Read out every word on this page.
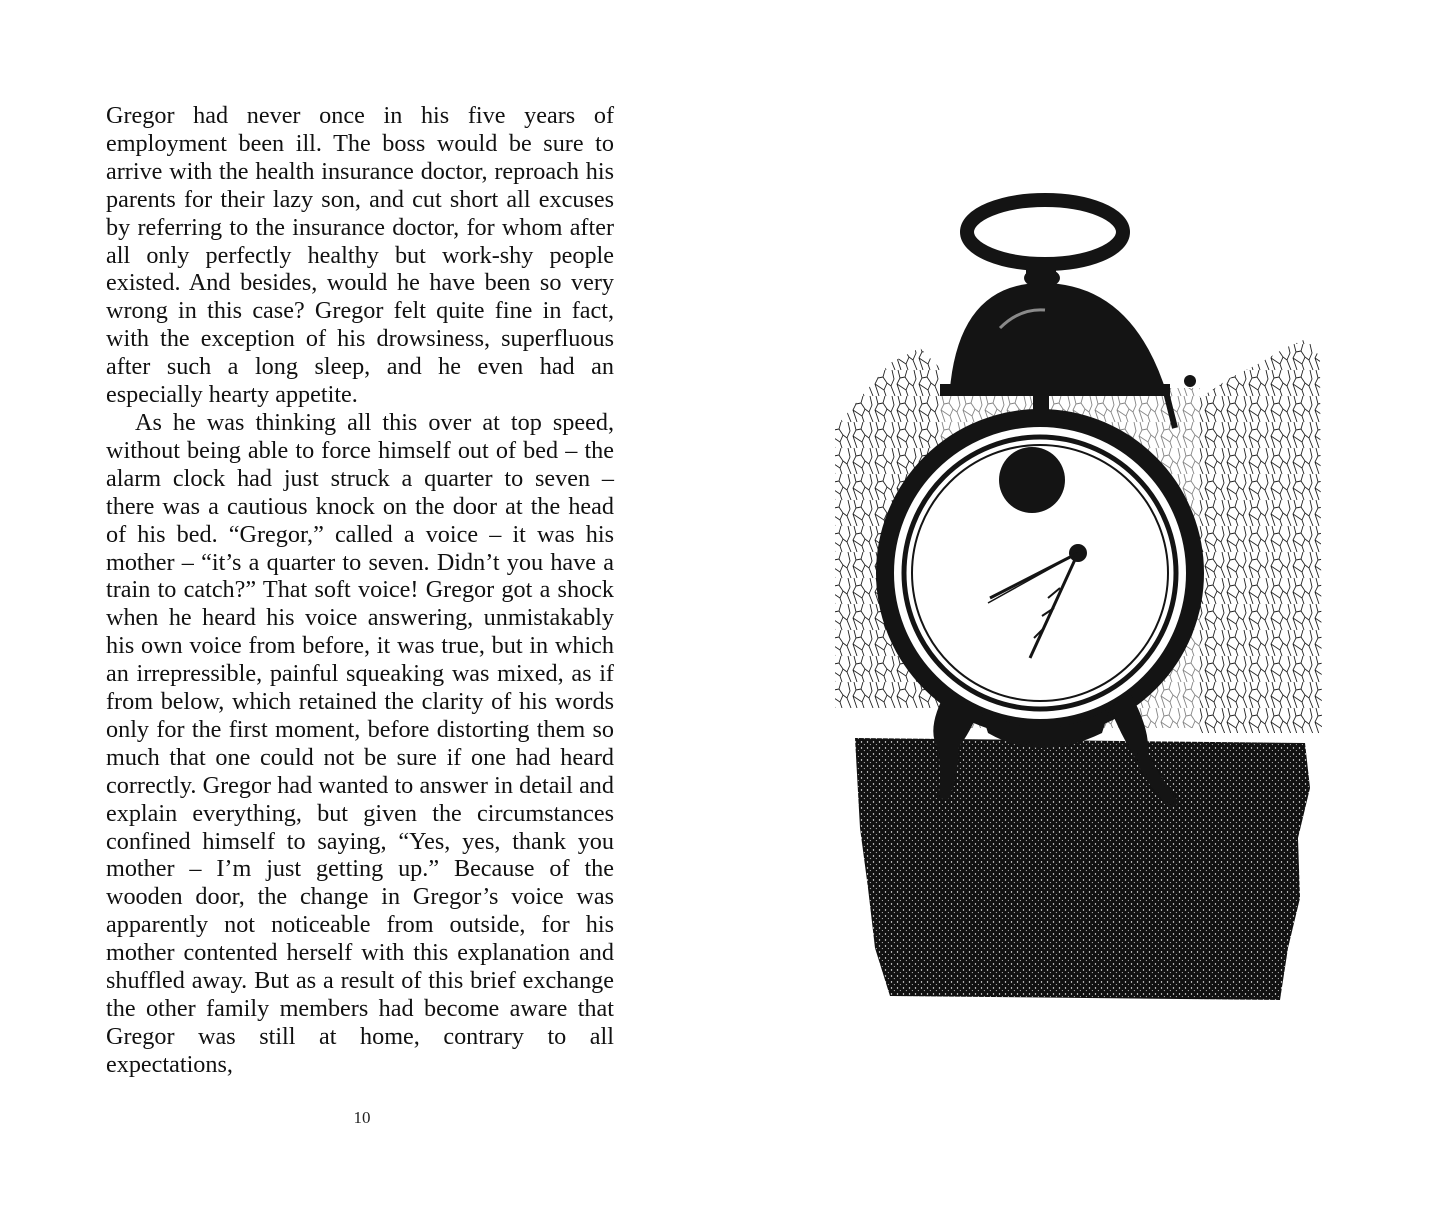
Gregor had never once in his five years of employment been ill. The boss would be sure to arrive with the health insurance doctor, reproach his parents for their lazy son, and cut short all excuses by referring to the insurance doctor, for whom after all only perfectly healthy but work-shy people existed. And besides, would he have been so very wrong in this case? Gregor felt quite fine in fact, with the exception of his drowsiness, superfluous after such a long sleep, and he even had an especially hearty appetite.

As he was thinking all this over at top speed, without being able to force himself out of bed – the alarm clock had just struck a quarter to seven – there was a cautious knock on the door at the head of his bed. “Gregor,” called a voice – it was his mother – “it’s a quarter to seven. Didn’t you have a train to catch?” That soft voice! Gregor got a shock when he heard his voice answering, unmistakably his own voice from before, it was true, but in which an irrepressible, painful squeaking was mixed, as if from below, which retained the clarity of his words only for the first moment, before distorting them so much that one could not be sure if one had heard correctly. Gregor had wanted to answer in detail and explain everything, but given the circumstances confined himself to saying, “Yes, yes, thank you mother – I’m just getting up.” Because of the wooden door, the change in Gregor’s voice was apparently not noticeable from outside, for his mother contented herself with this explanation and shuffled away. But as a result of this brief exchange the other family members had become aware that Gregor was still at home, contrary to all expectations,

10
